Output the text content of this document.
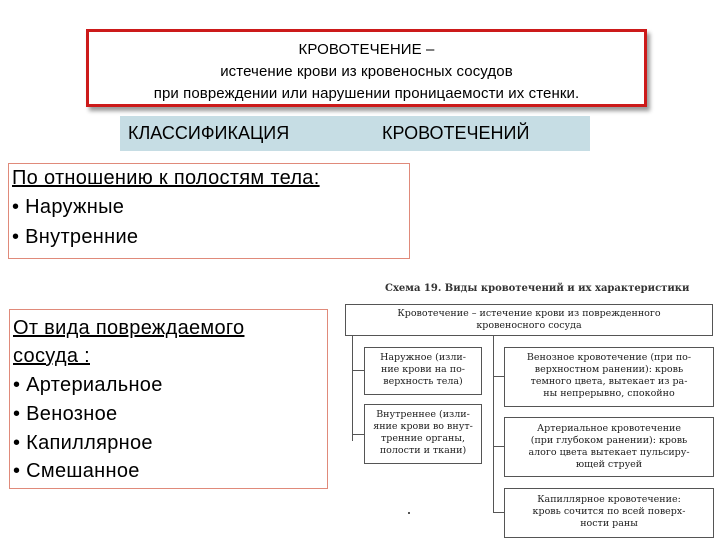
КРОВОТЕЧЕНИЕ –
истечение крови из кровеносных сосудов
при повреждении или нарушении проницаемости их стенки.
КЛАССИФИКАЦИЯ	КРОВОТЕЧЕНИЙ
По отношению к полостям тела:
• Наружные
• Внутренние
От вида повреждаемого
сосуда :
• Артериальное
• Венозное
• Капиллярное
• Смешанное
Схема 19. Виды кровотечений и их характеристики
Кровотечение – истечение крови из поврежденного
кровеносного сосуда
Наружное (изли-
ние крови на по-
верхность тела)
Внутреннее (изли-
яние крови во внут-
тренние органы,
полости и ткани)
Венозное кровотечение (при по-
верхностном ранении): кровь
темного цвета, вытекает из ра-
ны непрерывно, спокойно
Артериальное кровотечение
(при глубоком ранении): кровь
алого цвета вытекает пульсиру-
ющей струей
Капиллярное кровотечение:
кровь сочится по всей поверх-
ности раны
